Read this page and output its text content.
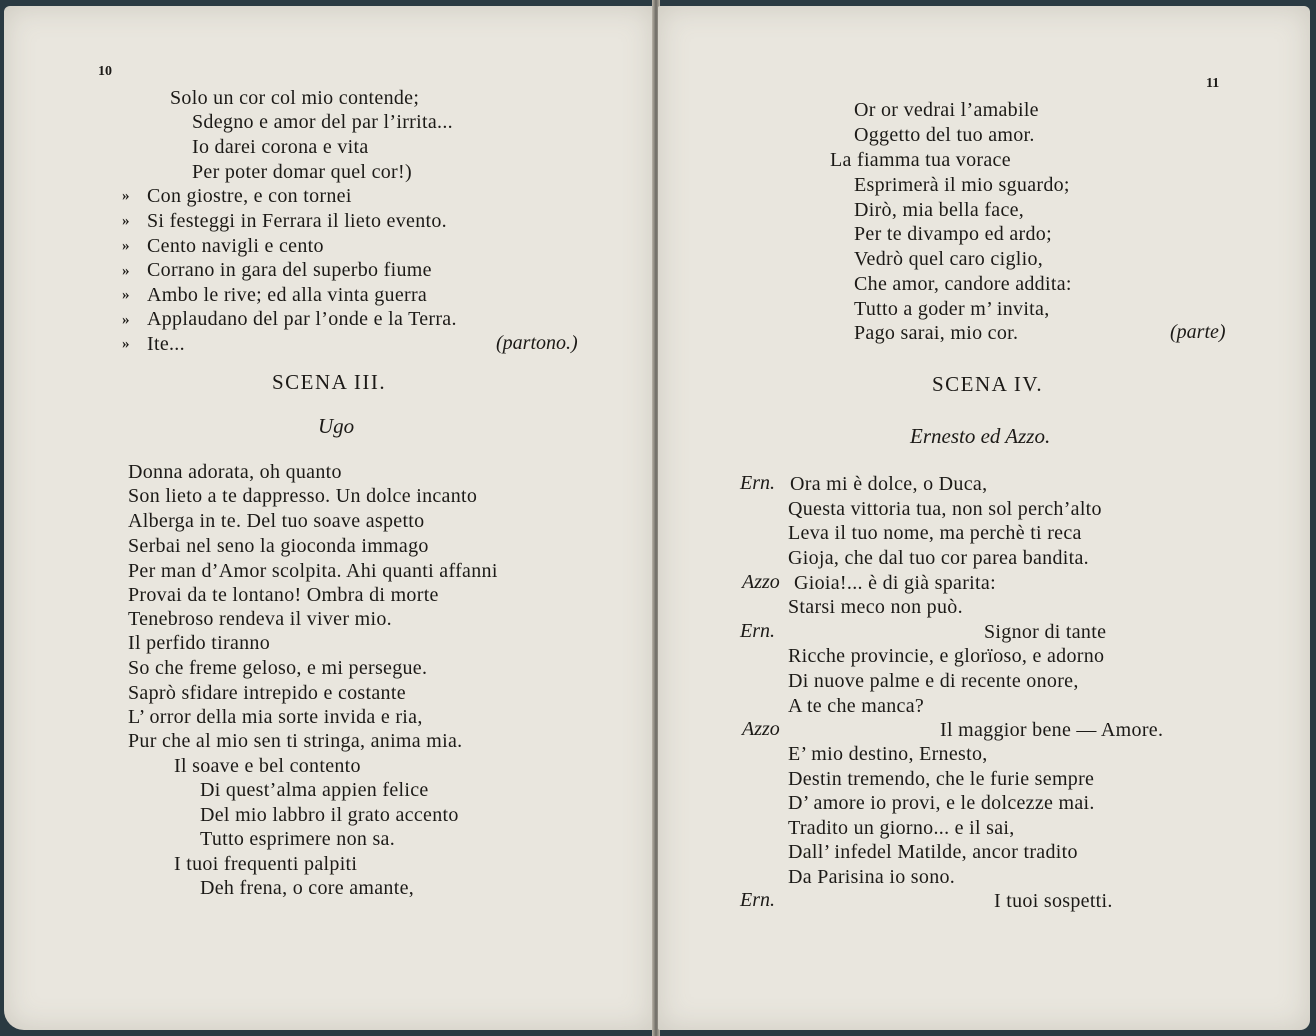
10
Solo un cor col mio contende;
Sdegno e amor del par l’irrita...
Io darei corona e vita
Per poter domar quel cor!)
» Con giostre, e con tornei
» Si festeggi in Ferrara il lieto evento.
» Cento navigli e cento
» Corrano in gara del superbo fiume
» Ambo le rive; ed alla vinta guerra
» Applaudano del par l’onde e la Terra.
» Ite...	(partono.)
SCENA III.
Ugo
Donna adorata, oh quanto
Son lieto a te dappresso. Un dolce incanto
Alberga in te. Del tuo soave aspetto
Serbai nel seno la gioconda immago
Per man d’Amor scolpita. Ahi quanti affanni
Provai da te lontano! Ombra di morte
Tenebroso rendeva il viver mio.
Il perfido tiranno
So che freme geloso, e mi persegue.
Saprò sfidare intrepido e costante
L’ orror della mia sorte invida e ria,
Pur che al mio sen ti stringa, anima mia.
Il soave e bel contento
Di quest’alma appien felice
Del mio labbro il grato accento
Tutto esprimere non sa.
I tuoi frequenti palpiti
Deh frena, o core amante,
11
Or or vedrai l’amabile
Oggetto del tuo amor.
La fiamma tua vorace
Esprimerà il mio sguardo;
Dirò, mia bella face,
Per te divampo ed ardo;
Vedrò quel caro ciglio,
Che amor, candore addita:
Tutto a goder m’ invita,
Pago sarai, mio cor.	(parte)
SCENA IV.
Ernesto ed Azzo.
Ern. Ora mi è dolce, o Duca,
Questa vittoria tua, non sol perch’alto
Leva il tuo nome, ma perchè ti reca
Gioja, che dal tuo cor parea bandita.
Azzo Gioia!... è di già sparita:
Starsi meco non può.
Ern.	Signor di tante
Ricche provincie, e glorïoso, e adorno
Di nuove palme e di recente onore,
A te che manca?
Azzo	Il maggior bene — Amore.
E’ mio destino, Ernesto,
Destin tremendo, che le furie sempre
D’ amore io provi, e le dolcezze mai.
Tradito un giorno... e il sai,
Dall’ infedel Matilde, ancor tradito
Da Parisina io sono.
Ern.	I tuoi sospetti.
